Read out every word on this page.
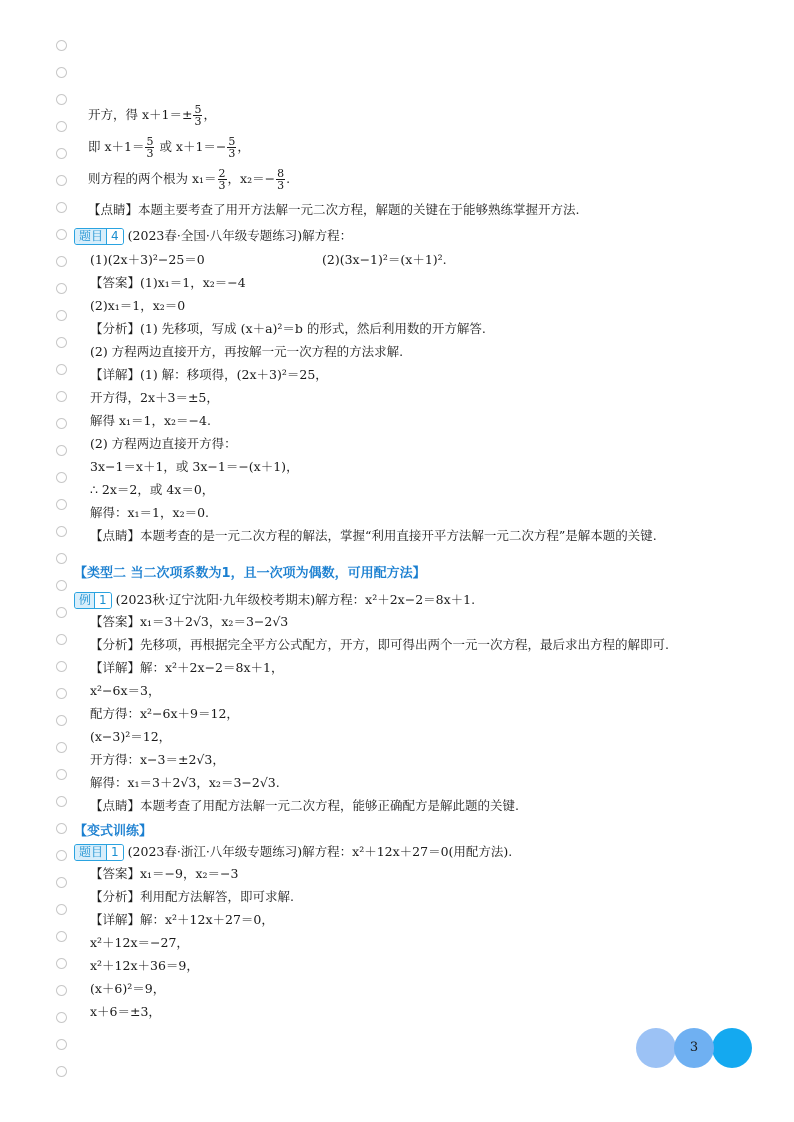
开方，得 $x+1=\pm \frac{5}{3}$ ，
即 $x+1= \frac{5}{3}$ 或 $x+1=- \frac{5}{3}$ ，
则方程的两个根为 $x_1= \frac{2}{3}$ ，$x_2=- \frac{8}{3}$ .
【点睛】本题主要考查了用开方法解一元二次方程，解题的关键在于能够熟练掌握开方法.
题目 4 (2023春·全国·八年级专题练习)解方程：
(1)(2x＋3)²−25＝0	(2)(3x−1)²＝(x＋1)².
【答案】(1)x₁＝1，x₂＝−4
(2)x₁＝1，x₂＝0
【分析】(1) 先移项，写成 (x＋a)²＝b 的形式，然后利用数的开方解答.
(2) 方程两边直接开方，再按解一元一次方程的方法求解.
【详解】(1) 解：移项得，(2x＋3)²＝25，
开方得，2x＋3＝±5，
解得 x₁＝1，x₂＝−4.
(2) 方程两边直接开方得：
3x−1＝x＋1，或 3x−1＝−(x＋1)，
∴ 2x＝2，或 4x＝0，
解得：x₁＝1，x₂＝0.
【点睛】本题考查的是一元二次方程的解法，掌握“利用直接开平方法解一元二次方程”是解本题的关键.
【类型二 当二次项系数为1，且一次项为偶数，可用配方法】
例 1 (2023秋·辽宁沈阳·九年级校考期末)解方程：x²＋2x−2＝8x＋1.
【答案】x₁＝3＋2√3，x₂＝3−2√3
【分析】先移项，再根据完全平方公式配方，开方，即可得出两个一元一次方程，最后求出方程的解即可.
【详解】解：x²＋2x−2＝8x＋1，
x²−6x＝3，
配方得：x²−6x＋9＝12，
(x−3)²＝12，
开方得：x−3＝±2√3，
解得：x₁＝3＋2√3，x₂＝3−2√3.
【点睛】本题考查了用配方法解一元二次方程，能够正确配方是解此题的关键.
【变式训练】
题目 1 (2023春·浙江·八年级专题练习)解方程：x²＋12x＋27＝0(用配方法).
【答案】x₁＝−9，x₂＝−3
【分析】利用配方法解答，即可求解.
【详解】解：x²＋12x＋27＝0，
x²＋12x＝−27，
x²＋12x＋36＝9，
(x＋6)²＝9，
x＋6＝±3，
3
